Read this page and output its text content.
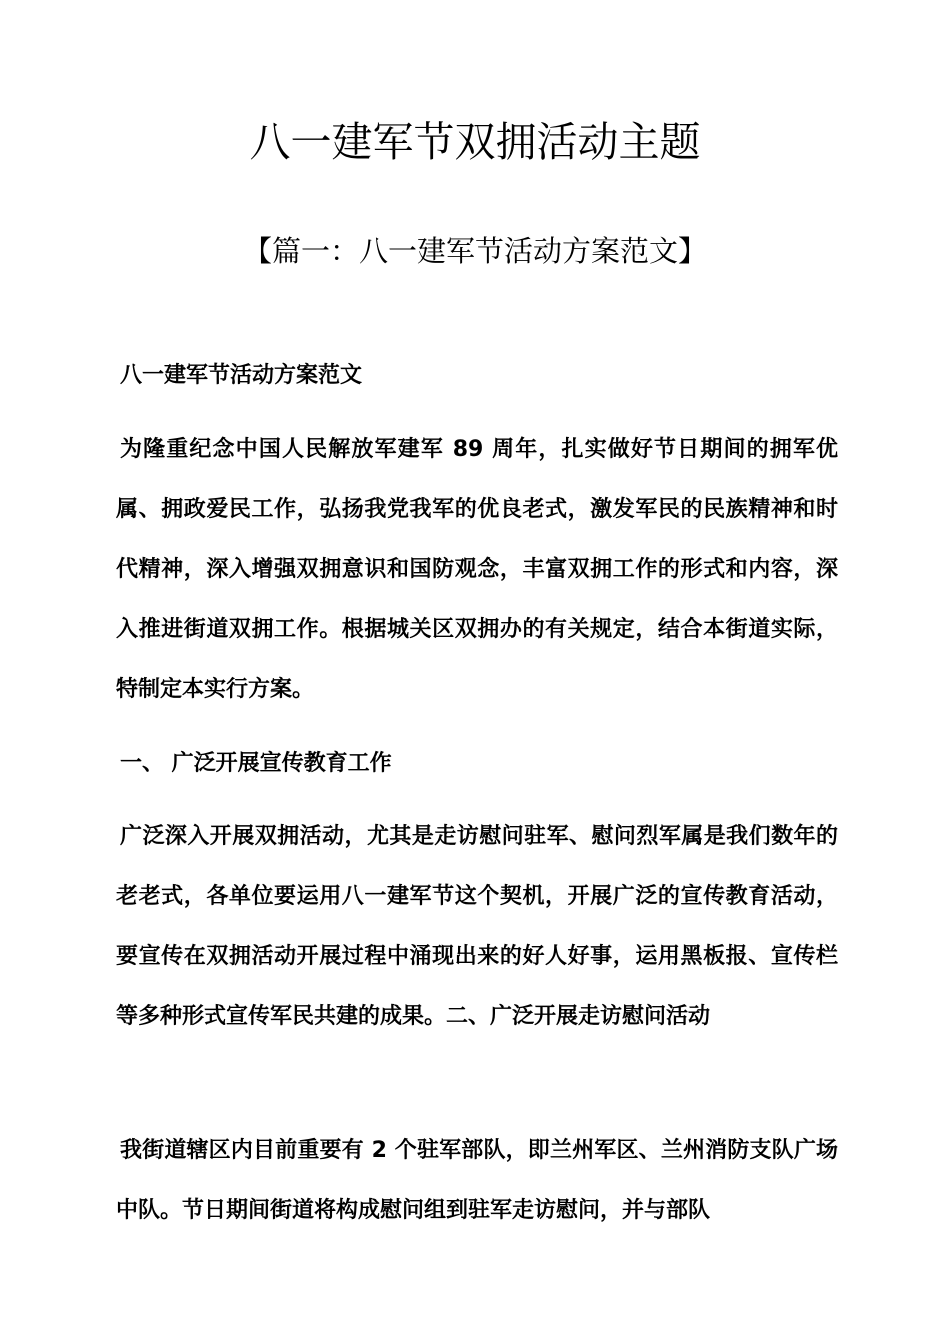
八一建军节双拥活动主题
【篇一：八一建军节活动方案范文】
八一建军节活动方案范文

为隆重纪念中国人民解放军建军 89 周年，扎实做好节日期间的拥军优属、拥政爱民工作，弘扬我党我军的优良老式，激发军民的民族精神和时代精神，深入增强双拥意识和国防观念，丰富双拥工作的形式和内容，深入推进街道双拥工作。根据城关区双拥办的有关规定，结合本街道实际，特制定本实行方案。

一、 广泛开展宣传教育工作

广泛深入开展双拥活动，尤其是走访慰问驻军、慰问烈军属是我们数年的老老式，各单位要运用八一建军节这个契机，开展广泛的宣传教育活动，要宣传在双拥活动开展过程中涌现出来的好人好事，运用黑板报、宣传栏等多种形式宣传军民共建的成果。二、广泛开展走访慰问活动

我街道辖区内目前重要有 2 个驻军部队，即兰州军区、兰州消防支队广场中队。节日期间街道将构成慰问组到驻军走访慰问，并与部队
